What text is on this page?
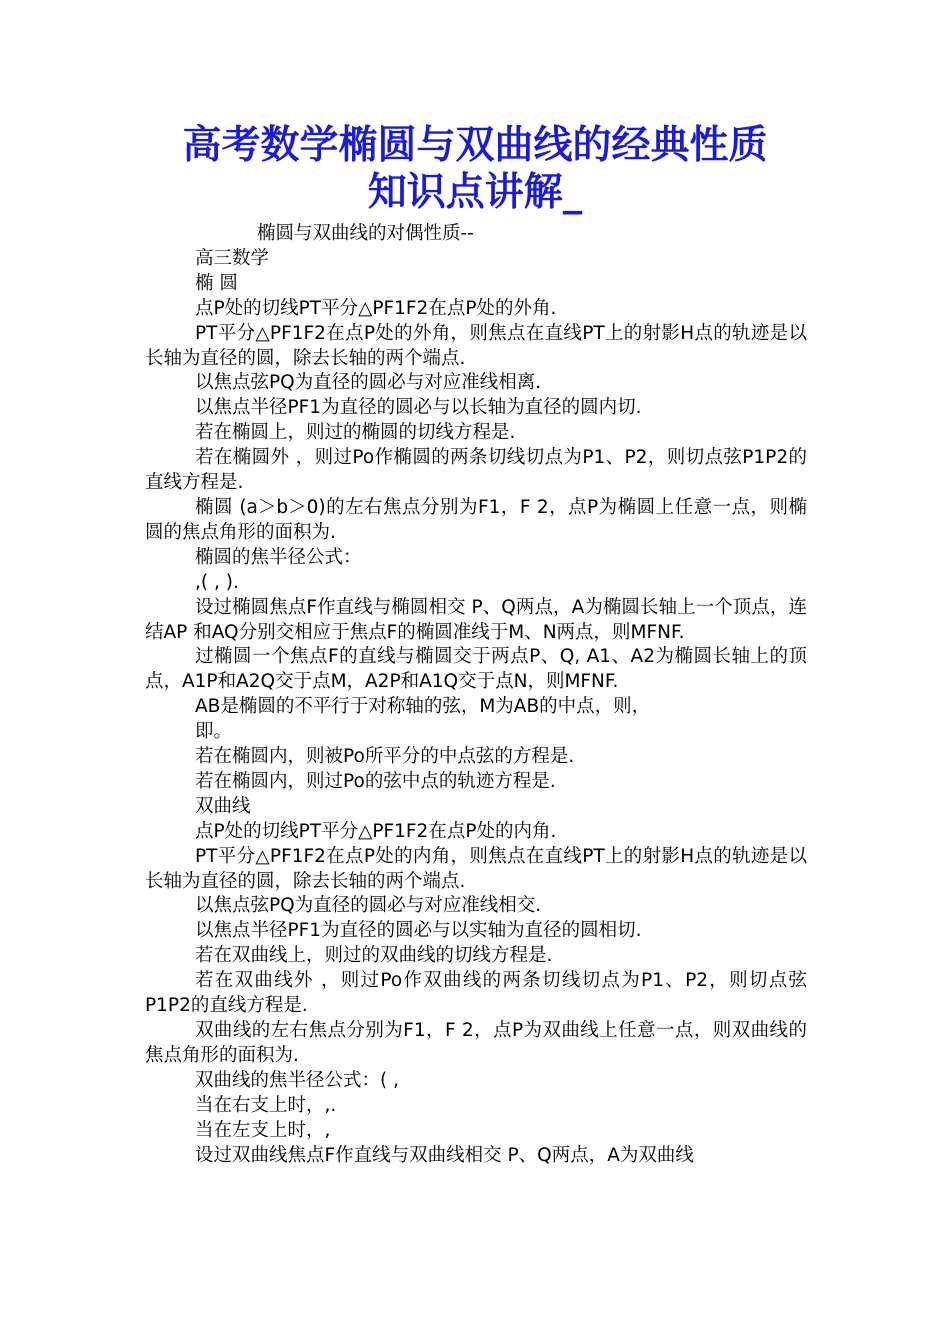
高考数学椭圆与双曲线的经典性质
知识点讲解_

椭圆与双曲线的对偶性质--

高三数学

椭 圆

点P处的切线PT平分△PF1F2在点P处的外角.

PT平分△PF1F2在点P处的外角，则焦点在直线PT上的射影H点的轨迹是以长轴为直径的圆，除去长轴的两个端点.

以焦点弦PQ为直径的圆必与对应准线相离.

以焦点半径PF1为直径的圆必与以长轴为直径的圆内切.

若在椭圆上，则过的椭圆的切线方程是.

若在椭圆外 ，则过Po作椭圆的两条切线切点为P1、P2，则切点弦P1P2的直线方程是.

椭圆 (a＞b＞0)的左右焦点分别为F1，F 2，点P为椭圆上任意一点，则椭圆的焦点角形的面积为.

椭圆的焦半径公式：

,( , ).

设过椭圆焦点F作直线与椭圆相交 P、Q两点，A为椭圆长轴上一个顶点，连结AP 和AQ分别交相应于焦点F的椭圆准线于M、N两点，则MFNF.

过椭圆一个焦点F的直线与椭圆交于两点P、Q, A1、A2为椭圆长轴上的顶点，A1P和A2Q交于点M，A2P和A1Q交于点N，则MFNF.

AB是椭圆的不平行于对称轴的弦，M为AB的中点，则，

即。

若在椭圆内，则被Po所平分的中点弦的方程是.

若在椭圆内，则过Po的弦中点的轨迹方程是.

双曲线

点P处的切线PT平分△PF1F2在点P处的内角.

PT平分△PF1F2在点P处的内角，则焦点在直线PT上的射影H点的轨迹是以长轴为直径的圆，除去长轴的两个端点.

以焦点弦PQ为直径的圆必与对应准线相交.

以焦点半径PF1为直径的圆必与以实轴为直径的圆相切.

若在双曲线上，则过的双曲线的切线方程是.

若在双曲线外 ，则过Po作双曲线的两条切线切点为P1、P2，则切点弦P1P2的直线方程是.

双曲线的左右焦点分别为F1，F 2，点P为双曲线上任意一点，则双曲线的焦点角形的面积为.

双曲线的焦半径公式：( ,

当在右支上时，,.

当在左支上时，,

设过双曲线焦点F作直线与双曲线相交 P、Q两点，A为双曲线
